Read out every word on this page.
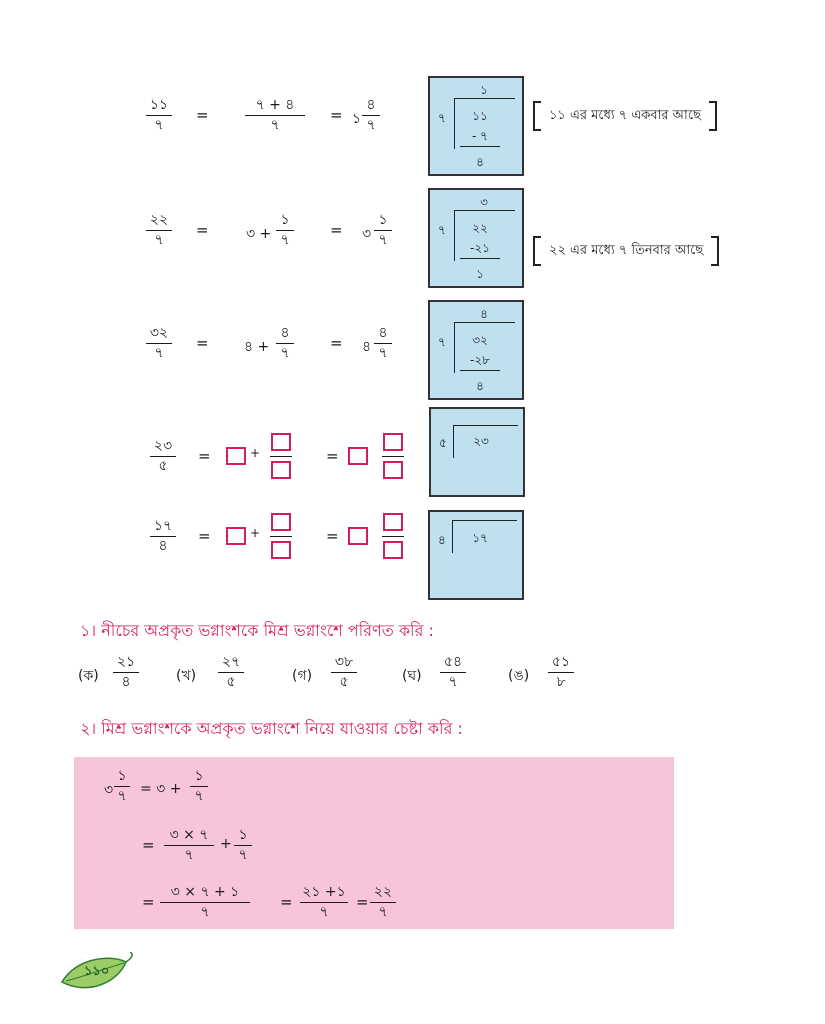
১১
৭
=
৭ + ৪
৭
= ১
৪
৭	৭
১
১১
- ৭
৪
১১ এর মধ্যে ৭ একবার আছে
২২
৭
=	৩ +
১
৭
= ৩
১
৭
৭
৩
২২
-২১
১
২২ এর মধ্যে ৭ তিনবার আছে
৩২
৭
=	৪ +
৪
৭
= ৪
৪
৭
৭
৪
৩২
-২৮
৪
২৩
৫
=	+	=
৫	২৩
১৭
৪
=	+	=	৪	১৭
১। নীচের অপ্রকৃত ভগ্নাংশকে মিশ্র ভগ্নাংশে পরিণত করি :
(ক)
২১
৪	(খ)
২৭
৫	(গ)
৩৮
৫	(ঘ)
৫৪
৭	(ঙ)
৫১
৮
২। মিশ্র ভগ্নাংশকে অপ্রকৃত ভগ্নাংশে নিয়ে যাওয়ার চেষ্টা করি :
৩
১
৭ = ৩ +
১
৭
=
৩ × ৭
৭
+
১
৭
=
৩ × ৭ + ১
৭
=
২১ +১
৭
=
২২
৭
১১০
